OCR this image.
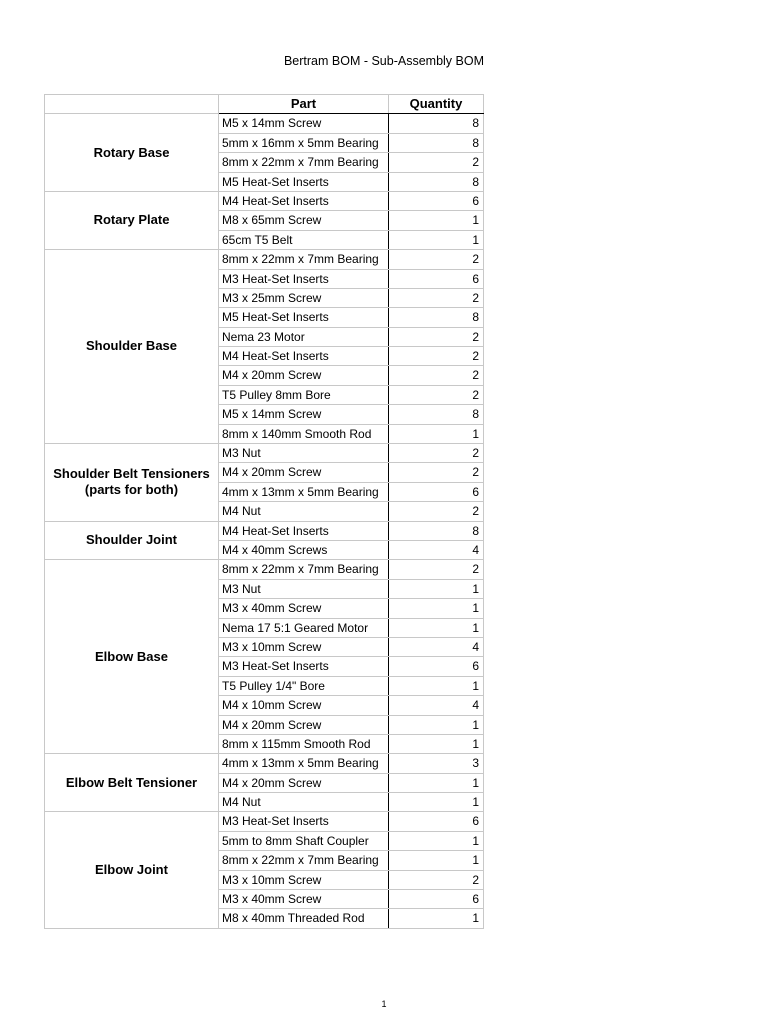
Bertram BOM - Sub-Assembly BOM
	Part	Quantity
Rotary Base	M5 x 14mm Screw	8
	5mm x 16mm x 5mm Bearing	8
	8mm x 22mm x 7mm Bearing	2
	M5 Heat-Set Inserts	8
Rotary Plate	M4 Heat-Set Inserts	6
	M8 x 65mm Screw	1
	65cm T5 Belt	1
Shoulder Base	8mm x 22mm x 7mm Bearing	2
	M3 Heat-Set Inserts	6
	M3 x 25mm Screw	2
	M5 Heat-Set Inserts	8
	Nema 23 Motor	2
	M4 Heat-Set Inserts	2
	M4 x 20mm Screw	2
	T5 Pulley 8mm Bore	2
	M5 x 14mm Screw	8
	8mm x 140mm Smooth Rod	1
Shoulder Belt Tensioners (parts for both)	M3 Nut	2
	M4 x 20mm Screw	2
	4mm x 13mm x 5mm Bearing	6
	M4 Nut	2
Shoulder Joint	M4 Heat-Set Inserts	8
	M4 x 40mm Screws	4
Elbow Base	8mm x 22mm x 7mm Bearing	2
	M3 Nut	1
	M3 x 40mm Screw	1
	Nema 17 5:1 Geared Motor	1
	M3 x 10mm Screw	4
	M3 Heat-Set Inserts	6
	T5 Pulley 1/4" Bore	1
	M4 x 10mm Screw	4
	M4 x 20mm Screw	1
	8mm x 115mm Smooth Rod	1
Elbow Belt Tensioner	4mm x 13mm x 5mm Bearing	3
	M4 x 20mm Screw	1
	M4 Nut	1
Elbow Joint	M3 Heat-Set Inserts	6
	5mm to 8mm Shaft Coupler	1
	8mm x 22mm x 7mm Bearing	1
	M3 x 10mm Screw	2
	M3 x 40mm Screw	6
	M8 x 40mm Threaded Rod	1
1
